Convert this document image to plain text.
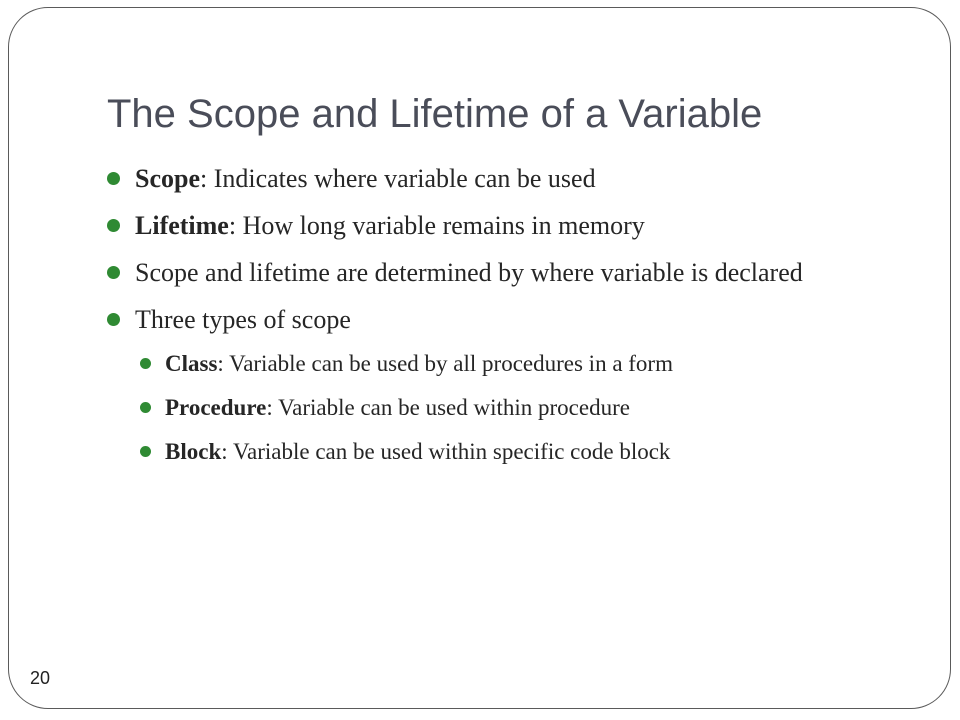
The Scope and Lifetime of a Variable
Scope: Indicates where variable can be used
Lifetime: How long variable remains in memory
Scope and lifetime are determined by where variable is declared
Three types of scope
Class: Variable can be used by all procedures in a form
Procedure: Variable can be used within procedure
Block: Variable can be used within specific code block
20
